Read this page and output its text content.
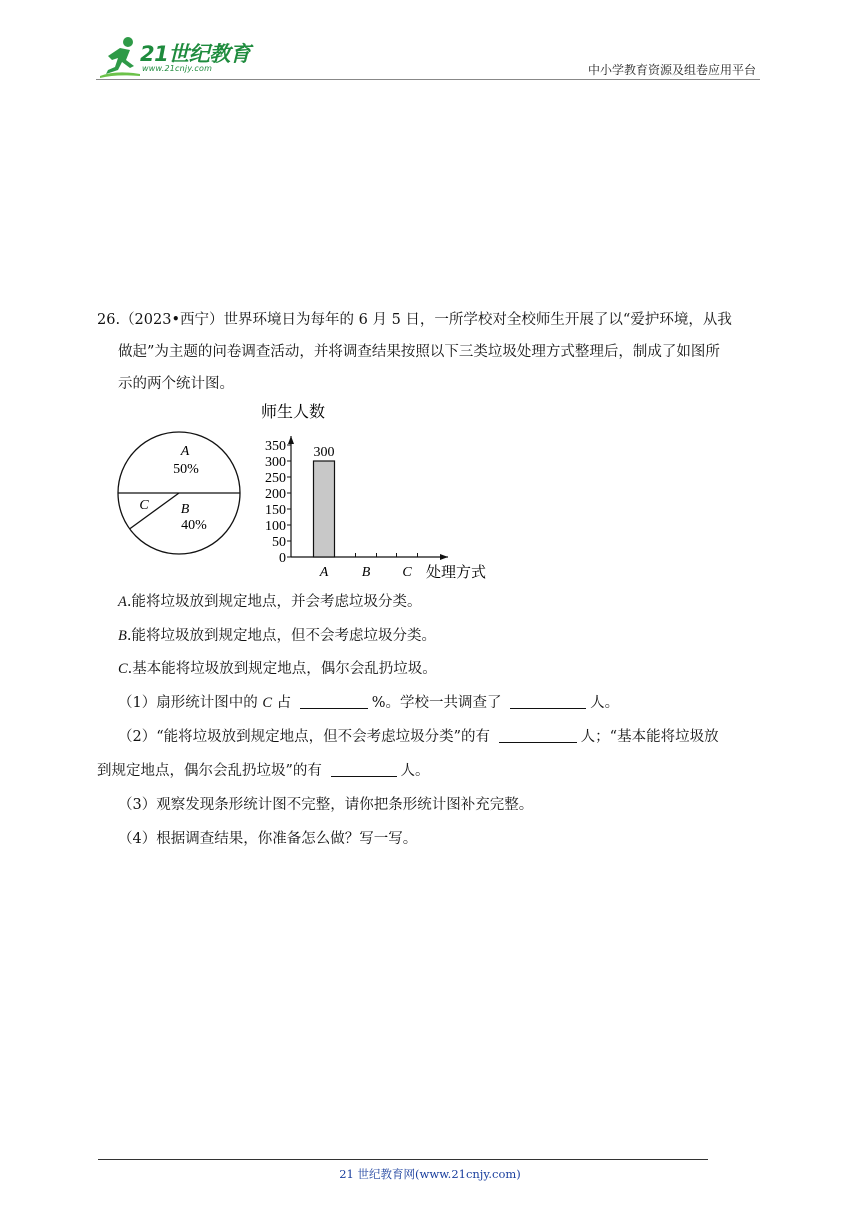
21世纪教育
www.21cnjy.com	中小学教育资源及组卷应用平台
26.（2023•西宁）世界环境日为每年的 6 月 5 日，一所学校对全校师生开展了以“爱护环境，从我
做起”为主题的问卷调查活动，并将调查结果按照以下三类垃圾处理方式整理后，制成了如图所
示的两个统计图。
A
50%
B
40%
C
师生人数
处理方式
0
50
100
150
200
250
300
350
A
300
B C
A.能将垃圾放到规定地点，并会考虑垃圾分类。
B.能将垃圾放到规定地点，但不会考虑垃圾分类。
C.基本能将垃圾放到规定地点，偶尔会乱扔垃圾。
（1）扇形统计图中的 C 占	%。学校一共调查了	人。
（2）“能将垃圾放到规定地点，但不会考虑垃圾分类”的有	人；“基本能将垃圾放
到规定地点，偶尔会乱扔垃圾”的有	人。
（3）观察发现条形统计图不完整，请你把条形统计图补充完整。
（4）根据调查结果，你准备怎么做？写一写。
21 世纪教育网(www.21cnjy.com)
